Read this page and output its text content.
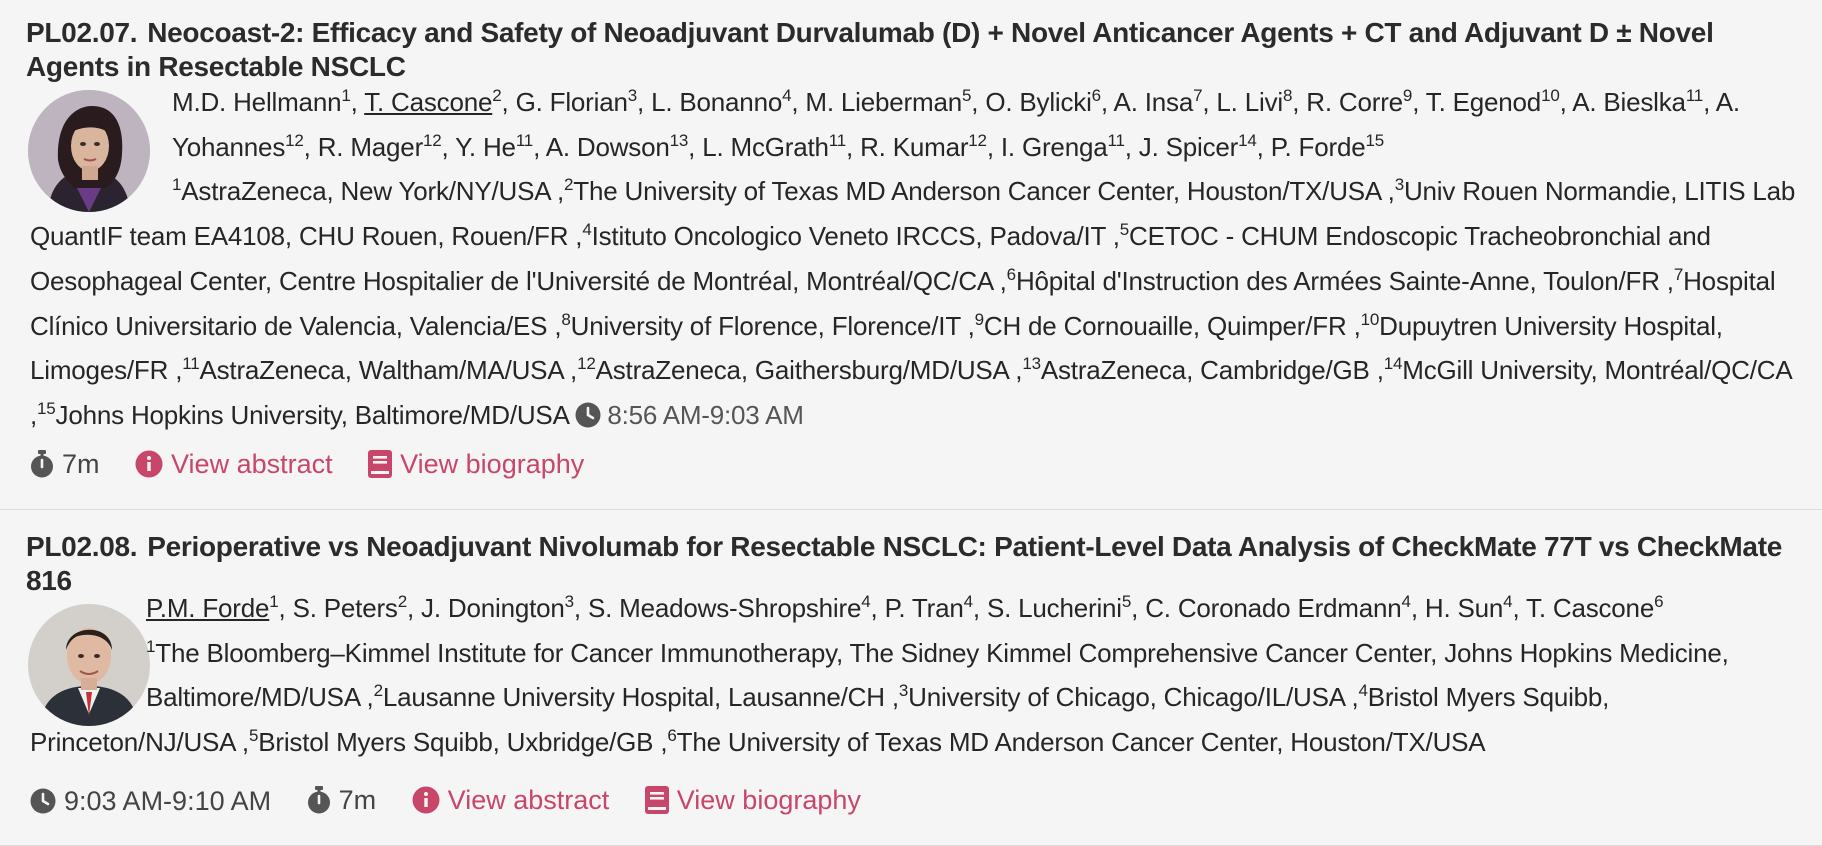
PL02.07. Neocoast-2: Efficacy and Safety of Neoadjuvant Durvalumab (D) + Novel Anticancer Agents + CT and Adjuvant D ± Novel Agents in Resectable NSCLC
M.D. Hellmann$^1$, T. Cascone$^2$, G. Florian$^3$, L. Bonanno$^4$, M. Lieberman$^5$, O. Bylicki$^6$, A. Insa$^7$, L. Livi$^8$, R. Corre$^9$, T. Egenod$^{10}$, A. Bieslka$^{11}$, A. Yohannes$^{12}$, R. Mager$^{12}$, Y. He$^{11}$, A. Dowson$^{13}$, L. McGrath$^{11}$, R. Kumar$^{12}$, I. Grenga$^{11}$, J. Spicer$^{14}$, P. Forde$^{15}$
$^1$AstraZeneca, New York/NY/USA ,$^2$The University of Texas MD Anderson Cancer Center, Houston/TX/USA ,$^3$Univ Rouen Normandie, LITIS Lab QuantIF team EA4108, CHU Rouen, Rouen/FR ,$^4$Istituto Oncologico Veneto IRCCS, Padova/IT ,$^5$CETOC - CHUM Endoscopic Tracheobronchial and Oesophageal Center, Centre Hospitalier de l'Université de Montréal, Montréal/QC/CA ,$^6$Hôpital d'Instruction des Armées Sainte-Anne, Toulon/FR ,$^7$Hospital Clínico Universitario de Valencia, Valencia/ES ,$^8$University of Florence, Florence/IT ,$^9$CH de Cornouaille, Quimper/FR ,$^{10}$Dupuytren University Hospital, Limoges/FR ,$^{11}$AstraZeneca, Waltham/MA/USA ,$^{12}$AstraZeneca, Gaithersburg/MD/USA ,$^{13}$AstraZeneca, Cambridge/GB ,$^{14}$McGill University, Montréal/QC/CA ,$^{15}$Johns Hopkins University, Baltimore/MD/USA 8:56 AM-9:03 AM
7m
	View abstract
	View biography
PL02.08. Perioperative vs Neoadjuvant Nivolumab for Resectable NSCLC: Patient-Level Data Analysis of CheckMate 77T vs CheckMate 816
P.M. Forde$^1$, S. Peters$^2$, J. Donington$^3$, S. Meadows-Shropshire$^4$, P. Tran$^4$, S. Lucherini$^5$, C. Coronado Erdmann$^4$, H. Sun$^4$, T. Cascone$^6$
$^1$The Bloomberg–Kimmel Institute for Cancer Immunotherapy, The Sidney Kimmel Comprehensive Cancer Center, Johns Hopkins Medicine, Baltimore/MD/USA ,$^2$Lausanne University Hospital, Lausanne/CH ,$^3$University of Chicago, Chicago/IL/USA ,$^4$Bristol Myers Squibb, Princeton/NJ/USA ,$^5$Bristol Myers Squibb, Uxbridge/GB ,$^6$The University of Texas MD Anderson Cancer Center, Houston/TX/USA
9:03 AM-9:10 AM
	7m
	View abstract
	View biography
